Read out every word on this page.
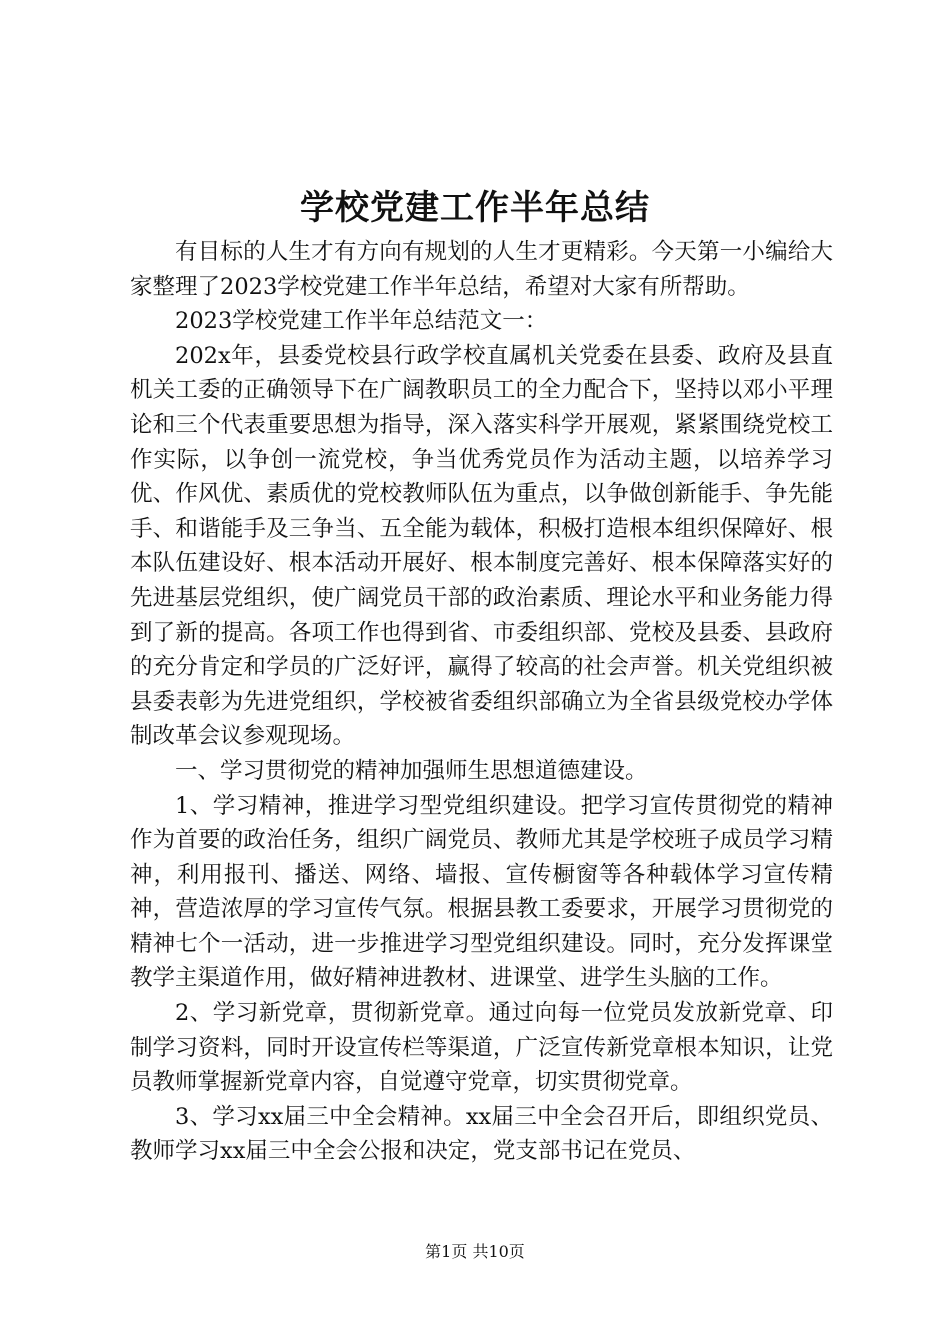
学校党建工作半年总结

有目标的人生才有方向有规划的人生才更精彩。今天第一小编给大家整理了2023学校党建工作半年总结，希望对大家有所帮助。

2023学校党建工作半年总结范文一：

202x年，县委党校县行政学校直属机关党委在县委、政府及县直机关工委的正确领导下在广阔教职员工的全力配合下，坚持以邓小平理论和三个代表重要思想为指导，深入落实科学开展观，紧紧围绕党校工作实际，以争创一流党校，争当优秀党员作为活动主题，以培养学习优、作风优、素质优的党校教师队伍为重点，以争做创新能手、争先能手、和谐能手及三争当、五全能为载体，积极打造根本组织保障好、根本队伍建设好、根本活动开展好、根本制度完善好、根本保障落实好的先进基层党组织，使广阔党员干部的政治素质、理论水平和业务能力得到了新的提高。各项工作也得到省、市委组织部、党校及县委、县政府的充分肯定和学员的广泛好评，赢得了较高的社会声誉。机关党组织被县委表彰为先进党组织，学校被省委组织部确立为全省县级党校办学体制改革会议参观现场。

一、学习贯彻党的精神加强师生思想道德建设。

1、学习精神，推进学习型党组织建设。把学习宣传贯彻党的精神作为首要的政治任务，组织广阔党员、教师尤其是学校班子成员学习精神，利用报刊、播送、网络、墙报、宣传橱窗等各种载体学习宣传精神，营造浓厚的学习宣传气氛。根据县教工委要求，开展学习贯彻党的精神七个一活动，进一步推进学习型党组织建设。同时，充分发挥课堂教学主渠道作用，做好精神进教材、进课堂、进学生头脑的工作。

2、学习新党章，贯彻新党章。通过向每一位党员发放新党章、印制学习资料，同时开设宣传栏等渠道，广泛宣传新党章根本知识，让党员教师掌握新党章内容，自觉遵守党章，切实贯彻党章。

3、学习xx届三中全会精神。xx届三中全会召开后，即组织党员、教师学习xx届三中全会公报和决定，党支部书记在党员、

第1页 共10页
